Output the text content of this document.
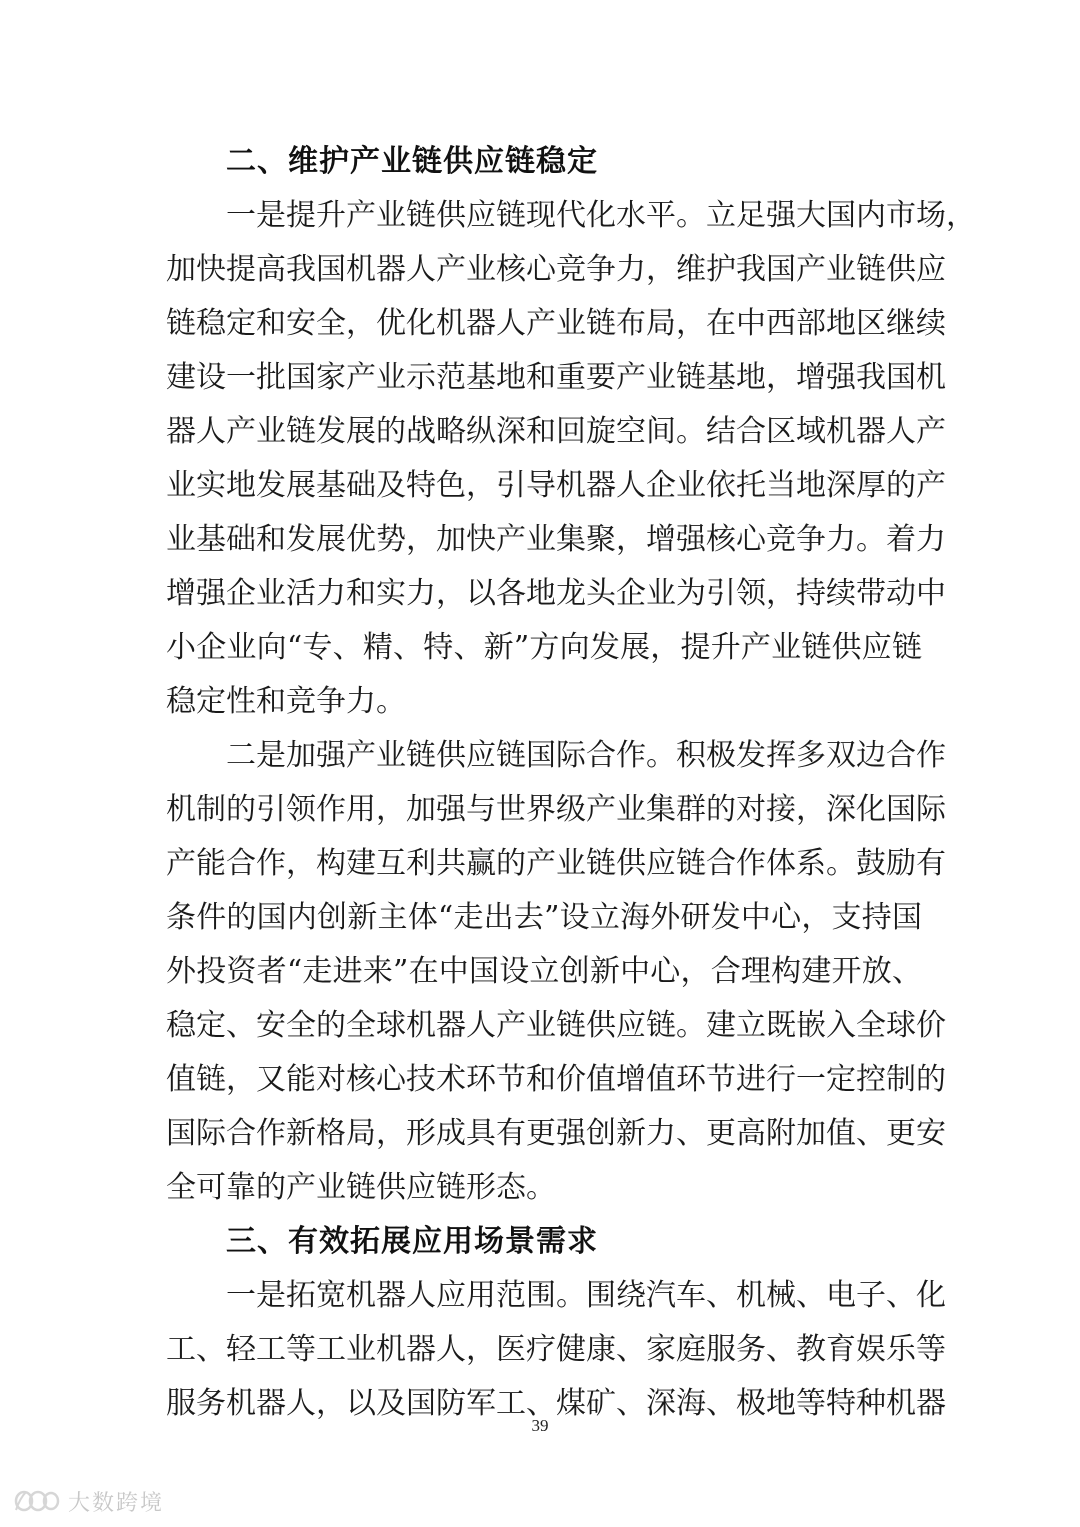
二、维护产业链供应链稳定

一是提升产业链供应链现代化水平。立足强大国内市场，
加快提高我国机器人产业核心竞争力，维护我国产业链供应
链稳定和安全，优化机器人产业链布局，在中西部地区继续
建设一批国家产业示范基地和重要产业链基地，增强我国机
器人产业链发展的战略纵深和回旋空间。结合区域机器人产
业实地发展基础及特色，引导机器人企业依托当地深厚的产
业基础和发展优势，加快产业集聚，增强核心竞争力。着力
增强企业活力和实力，以各地龙头企业为引领，持续带动中
小企业向“专、精、特、新”方向发展，提升产业链供应链
稳定性和竞争力。

二是加强产业链供应链国际合作。积极发挥多双边合作
机制的引领作用，加强与世界级产业集群的对接，深化国际
产能合作，构建互利共赢的产业链供应链合作体系。鼓励有
条件的国内创新主体“走出去”设立海外研发中心，支持国
外投资者“走进来”在中国设立创新中心，合理构建开放、
稳定、安全的全球机器人产业链供应链。建立既嵌入全球价
值链，又能对核心技术环节和价值增值环节进行一定控制的
国际合作新格局，形成具有更强创新力、更高附加值、更安
全可靠的产业链供应链形态。

三、有效拓展应用场景需求

一是拓宽机器人应用范围。围绕汽车、机械、电子、化
工、轻工等工业机器人，医疗健康、家庭服务、教育娱乐等
服务机器人，以及国防军工、煤矿、深海、极地等特种机器

39
大数跨境
